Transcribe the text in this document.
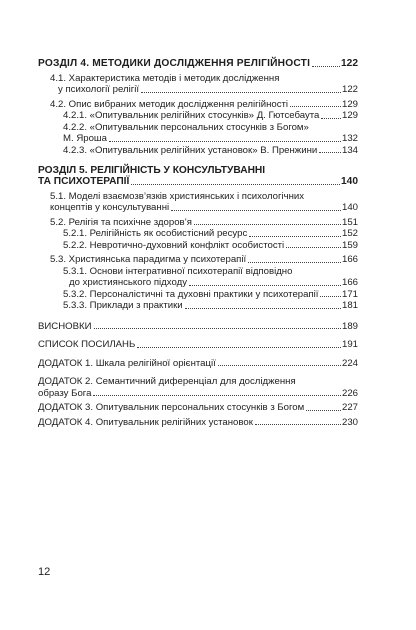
РОЗДІЛ 4. МЕТОДИКИ ДОСЛІДЖЕННЯ РЕЛІГІЙНОСТІ	122
4.1. Характеристика методів і методик дослідження
у психології релігії	122
4.2. Опис вибраних методик дослідження релігійності	129
4.2.1. «Опитувальник релігійних стосунків» Д. Гютсебаута 129
4.2.2. «Опитувальник персональних стосунків з Богом»
М. Яроша	132
4.2.3. «Опитувальник релігійних установок» В. Пренжини	134
РОЗДІЛ 5. РЕЛІГІЙНІСТЬ У КОНСУЛЬТУВАННІ
ТА ПСИХОТЕРАПІЇ	140
5.1. Моделі взаємозв’язків християнських і психологічних
концептів у консультуванні	140
5.2. Релігія та психічне здоров’я	151
5.2.1. Релігійність як особистісний ресурс	152
5.2.2. Невротично-духовний конфлікт особистості	159
5.3. Християнська парадигма у психотерапії	166
5.3.1. Основи інтегративної психотерапії відповідно
до християнського підходу	166
5.3.2. Персоналістичні та духовні практики у психотерапії 171
5.3.3. Приклади з практики	181
ВИСНОВКИ	189
СПИСОК ПОСИЛАНЬ	191
ДОДАТОК 1. Шкала релігійної орієнтації	224
ДОДАТОК 2. Семантичний диференціал для дослідження
образу Бога	226
ДОДАТОК 3. Опитувальник персональних стосунків з Богом	227
ДОДАТОК 4. Опитувальник релігійних установок	230
12
